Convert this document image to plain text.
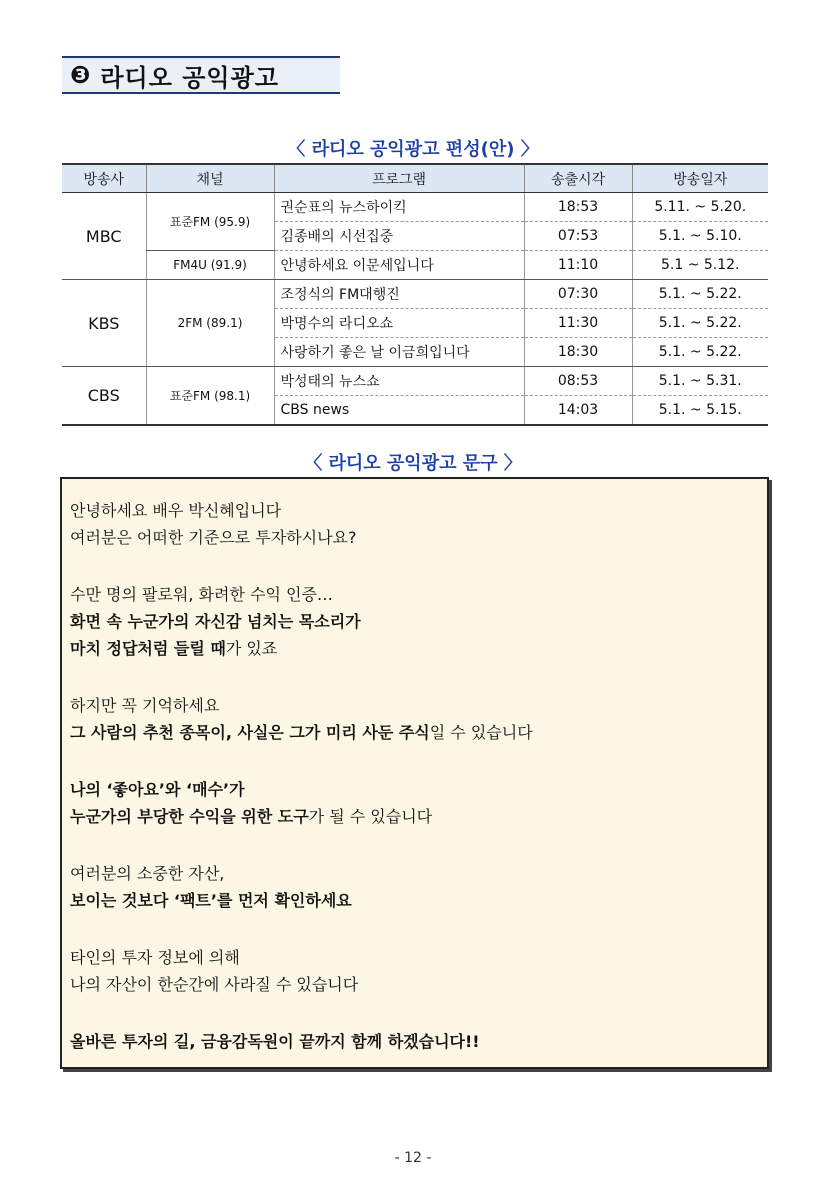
❸ 라디오 공익광고
〈 라디오 공익광고 편성(안) 〉
방송사	채널	프로그램	송출시각	방송일자
MBC	표준FM (95.9)	권순표의 뉴스하이킥	18:53	5.11. ~ 5.20.
		김종배의 시선집중	07:53	5.1. ~ 5.10.
	FM4U (91.9)	안녕하세요 이문세입니다	11:10	5.1 ~ 5.12.
KBS	2FM (89.1)	조정식의 FM대행진	07:30	5.1. ~ 5.22.
		박명수의 라디오쇼	11:30	5.1. ~ 5.22.
		사랑하기 좋은 날 이금희입니다	18:30	5.1. ~ 5.22.
CBS	표준FM (98.1)	박성태의 뉴스쇼	08:53	5.1. ~ 5.31.
		CBS news	14:03	5.1. ~ 5.15.
〈 라디오 공익광고 문구 〉
안녕하세요 배우 박신혜입니다
여러분은 어떠한 기준으로 투자하시나요?
수만 명의 팔로워, 화려한 수익 인증…
화면 속 누군가의 자신감 넘치는 목소리가
마치 정답처럼 들릴 때가 있죠
하지만 꼭 기억하세요
그 사람의 추천 종목이, 사실은 그가 미리 사둔 주식일 수 있습니다
나의 ‘좋아요’와 ‘매수’가
누군가의 부당한 수익을 위한 도구가 될 수 있습니다
여러분의 소중한 자산,
보이는 것보다 ‘팩트’를 먼저 확인하세요
타인의 투자 정보에 의해
나의 자산이 한순간에 사라질 수 있습니다
올바른 투자의 길, 금융감독원이 끝까지 함께 하겠습니다!!
- 12 -
